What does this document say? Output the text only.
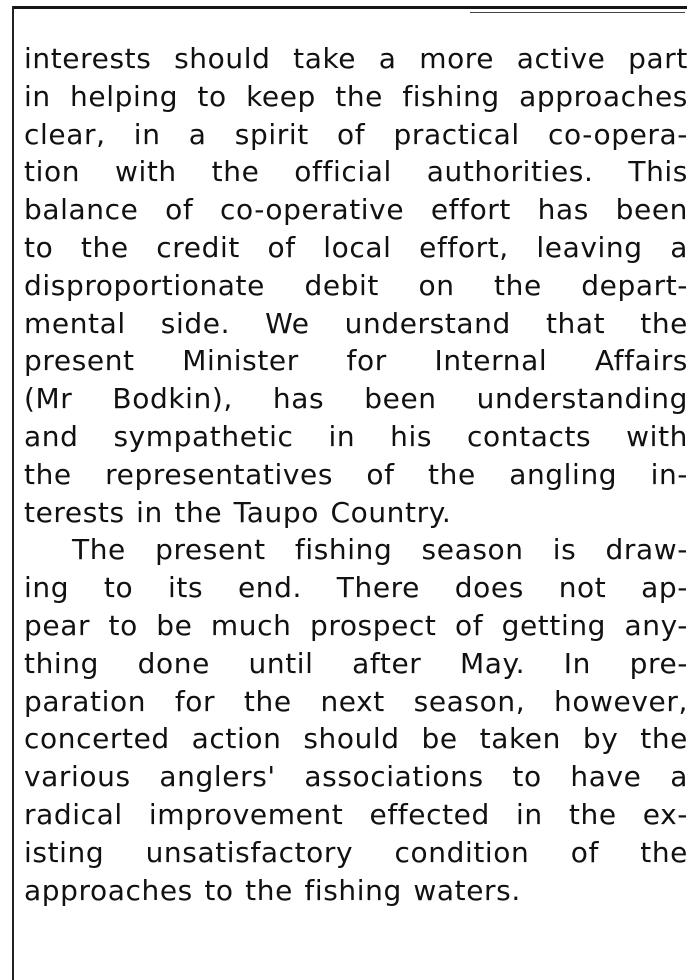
interests should take a more active part
in helping to keep the fishing approaches
clear, in a spirit of practical co-opera-
tion with the official authorities. This
balance of co-operative effort has been
to the credit of local effort, leaving a
disproportionate debit on the depart-
mental side. We understand that the
present Minister for Internal Affairs
(Mr Bodkin), has been understanding
and sympathetic in his contacts with
the representatives of the angling in-
terests in the Taupo Country.
The present fishing season is draw-
ing to its end. There does not ap-
pear to be much prospect of getting any-
thing done until after May. In pre-
paration for the next season, however,
concerted action should be taken by the
various anglers' associations to have a
radical improvement effected in the ex-
isting unsatisfactory condition of the
approaches to the fishing waters.
